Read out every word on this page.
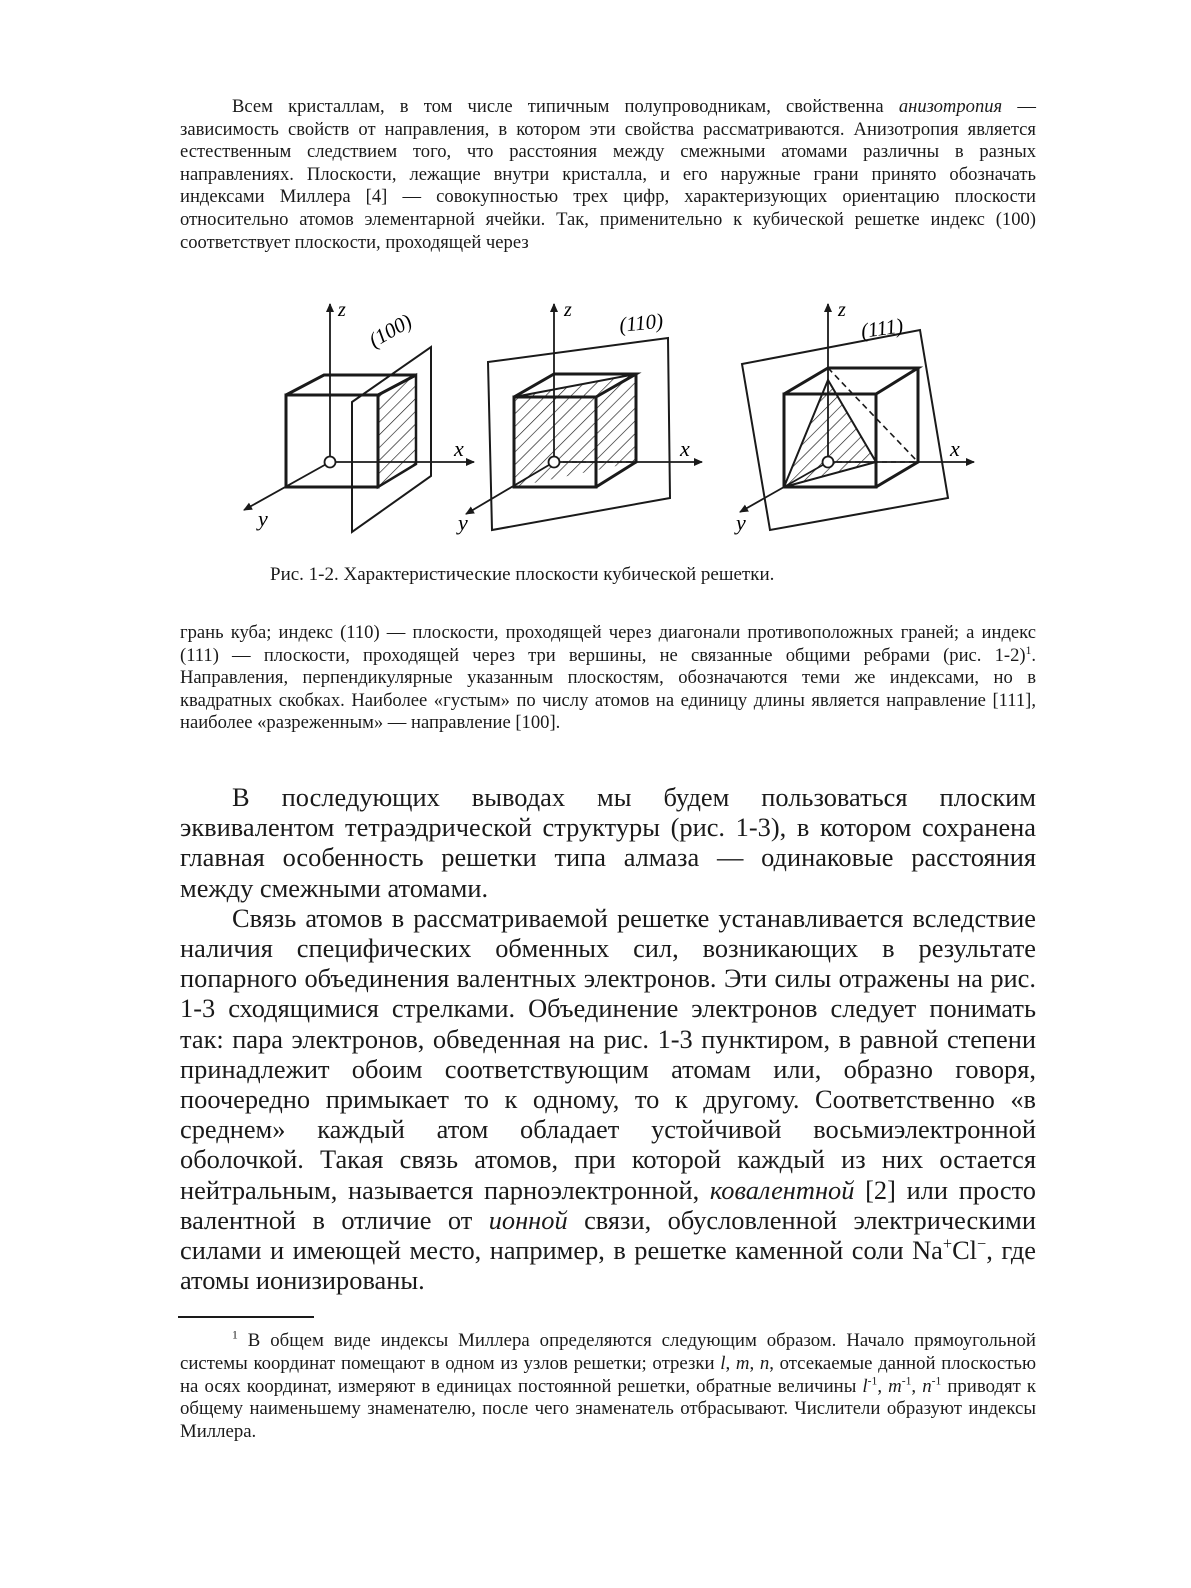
Всем кристаллам, в том числе типичным полупроводникам, свойственна анизотропия — зависимость свойств от направления, в котором эти свойства рассматриваются. Анизотропия является естественным следствием того, что расстояния между смежными атомами различны в разных направлениях. Плоскости, лежащие внутри кристалла, и его наружные грани принято обозначать индексами Миллера [4] — совокупностью трех цифр, характеризующих ориентацию плоскости относительно атомов элементарной ячейки. Так, применительно к кубической решетке индекс (100) соответствует плоскости, проходящей через

z
x
y
(100)	z
x
y
(110)	z
x
y
(111)
Рис. 1-2. Характеристические плоскости кубической решетки.

грань куба; индекс (110) — плоскости, проходящей через диагонали противоположных граней; а индекс (111) — плоскости, проходящей через три вершины, не связанные общими ребрами (рис. 1-2)$^1$. Направления, перпендикулярные указанным плоскостям, обозначаются теми же индексами, но в квадратных скобках. Наиболее «густым» по числу атомов на единицу длины является направление [111], наиболее «разреженным» — направление [100].

В последующих выводах мы будем пользоваться плоским эквивалентом тетраэдрической структуры (рис. 1-3), в котором сохранена главная особенность решетки типа алмаза — одинаковые расстояния между смежными атомами.

Связь атомов в рассматриваемой решетке устанавливается вследствие наличия специфических обменных сил, возникающих в результате попарного объединения валентных электронов. Эти силы отражены на рис. 1-3 сходящимися стрелками. Объединение электронов следует понимать так: пара электронов, обведенная на рис. 1-3 пунктиром, в равной степени принадлежит обоим соответствующим атомам или, образно говоря, поочередно примыкает то к одному, то к другому. Соответственно «в среднем» каждый атом обладает устойчивой восьмиэлектронной оболочкой. Такая связь атомов, при которой каждый из них остается нейтральным, называется парноэлектронной, ковалентной [2] или просто валентной в отличие от ионной связи, обусловленной электрическими силами и имеющей место, например, в решетке каменной соли Na+Cl−, где атомы ионизированы.

$^1$ В общем виде индексы Миллера определяются следующим образом. Начало прямоугольной системы координат помещают в одном из узлов решетки; отрезки l, m, n, отсекаемые данной плоскостью на осях координат, измеряют в единицах постоянной решетки, обратные величины $l^{-1}$, $m^{-1}$, $n^{-1}$ приводят к общему наименьшему знаменателю, после чего знаменатель отбрасывают. Числители образуют индексы Миллера.
